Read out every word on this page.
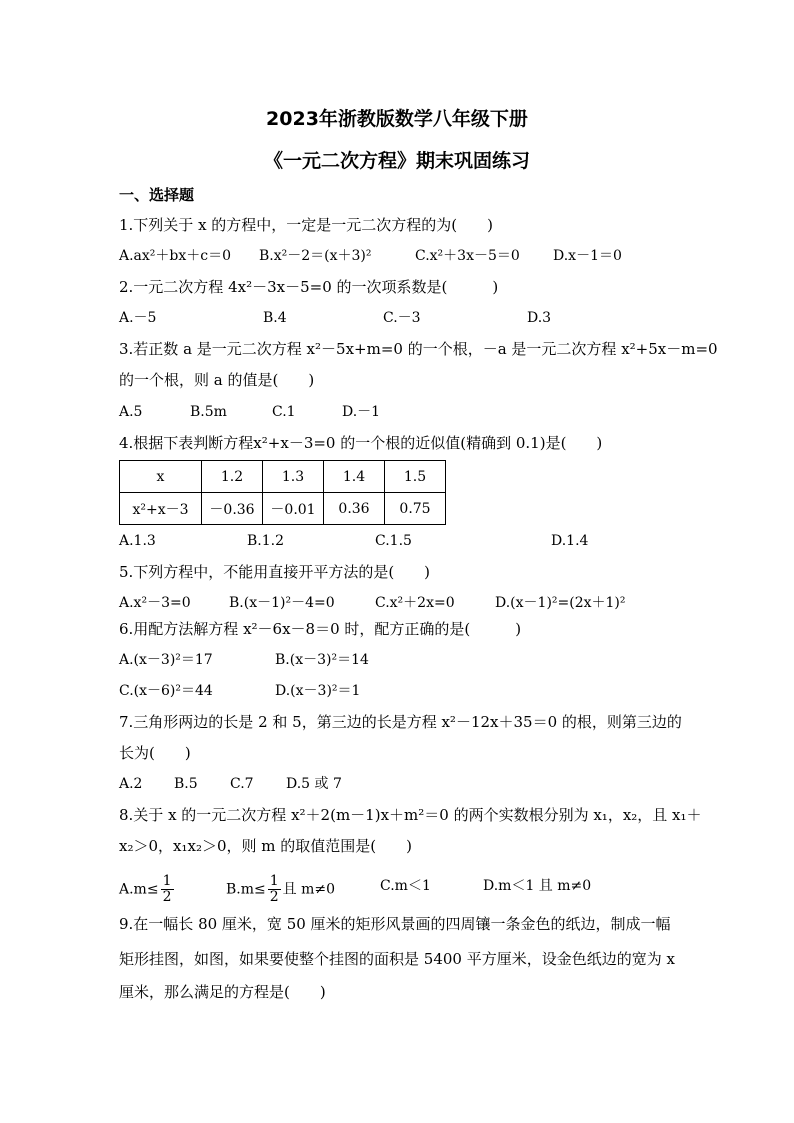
2023年浙教版数学八年级下册
《一元二次方程》期末巩固练习
一、选择题
1.下列关于 x 的方程中，一定是一元二次方程的为(　　)
A.ax²＋bx＋c＝0 B.x²－2＝(x＋3)²	C.x²＋3x－5＝0 D.x－1＝0
2.一元二次方程 4x²－3x－5=0 的一次项系数是(　　　)
A.－5	B.4	C.－3	D.3
3.若正数 a 是一元二次方程 x²－5x+m=0 的一个根，－a 是一元二次方程 x²+5x－m=0
的一个根，则 a 的值是(　　)
A.5	B.5m	C.1	D.－1
4.根据下表判断方程x²+x－3=0 的一个根的近似值(精确到 0.1)是(　　)
x	1.2	1.3	1.4	1.5
x²+x－3	－0.36	－0.01	0.36	0.75
A.1.3	B.1.2	C.1.5	D.1.4
5.下列方程中，不能用直接开平方法的是(　　)
A.x²－3=0	B.(x－1)²－4=0	C.x²＋2x=0	D.(x－1)²=(2x＋1)²
6.用配方法解方程 x²－6x－8＝0 时，配方正确的是(　　　)
A.(x－3)²＝17	B.(x－3)²＝14
C.(x－6)²＝44	D.(x－3)²＝1
7.三角形两边的长是 2 和 5，第三边的长是方程 x²－12x＋35＝0 的根，则第三边的
长为(　　)
A.2 B.5 C.7 D.5 或 7
8.关于 x 的一元二次方程 x²＋2(m－1)x＋m²＝0 的两个实数根分别为 x₁，x₂，且 x₁＋
x₂＞0，x₁x₂＞0，则 m 的取值范围是(　　)
$A.m\le \frac{1}{2}$	$B.m\le \frac{1}{2}$ 且 m≠0	C.m＜1	D.m＜1 且 m≠0
9.在一幅长 80 厘米，宽 50 厘米的矩形风景画的四周镶一条金色的纸边，制成一幅
矩形挂图，如图，如果要使整个挂图的面积是 5400 平方厘米，设金色纸边的宽为 x
厘米，那么满足的方程是(　　)
